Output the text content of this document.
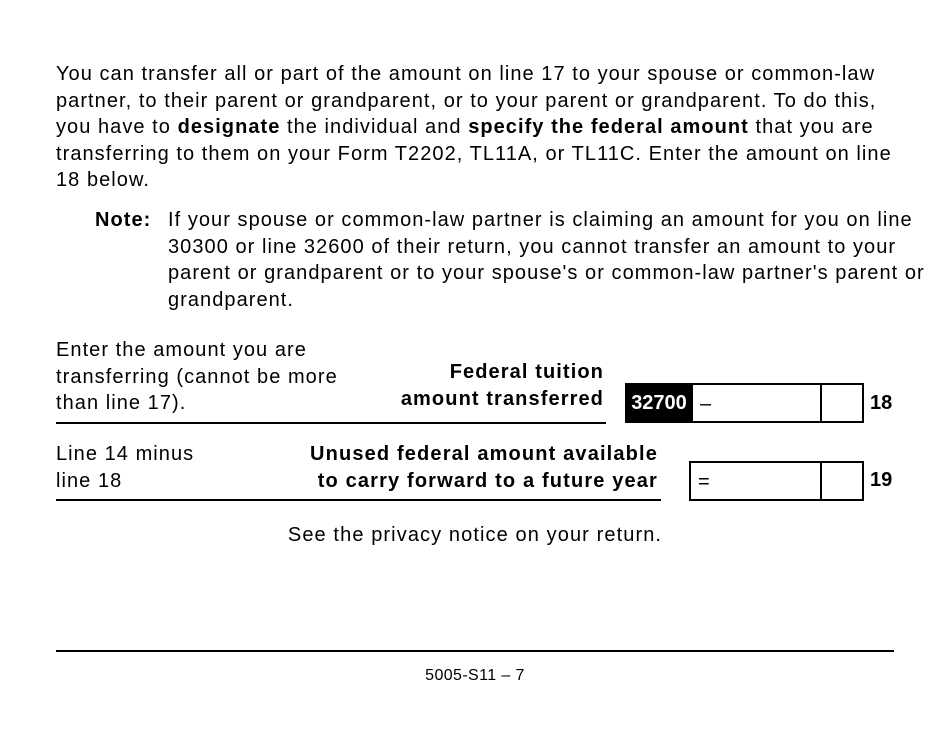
You can transfer all or part of the amount on line 17 to your spouse or common-law partner, to their parent or grandparent, or to your parent or grandparent. To do this, you have to designate the individual and specify the federal amount that you are transferring to them on your Form T2202, TL11A, or TL11C. Enter the amount on line 18 below.
Note: If your spouse or common-law partner is claiming an amount for you on line 30300 or line 32600 of their return, you cannot transfer an amount to your parent or grandparent or to your spouse's or common-law partner's parent or grandparent.
Enter the amount you are transferring (cannot be more than line 17).
Federal tuition
amount transferred	32700 –	18
Line 14 minus
line 18
Unused federal amount available
to carry forward to a future year =	19
See the privacy notice on your return.
5005-S11 – 7
